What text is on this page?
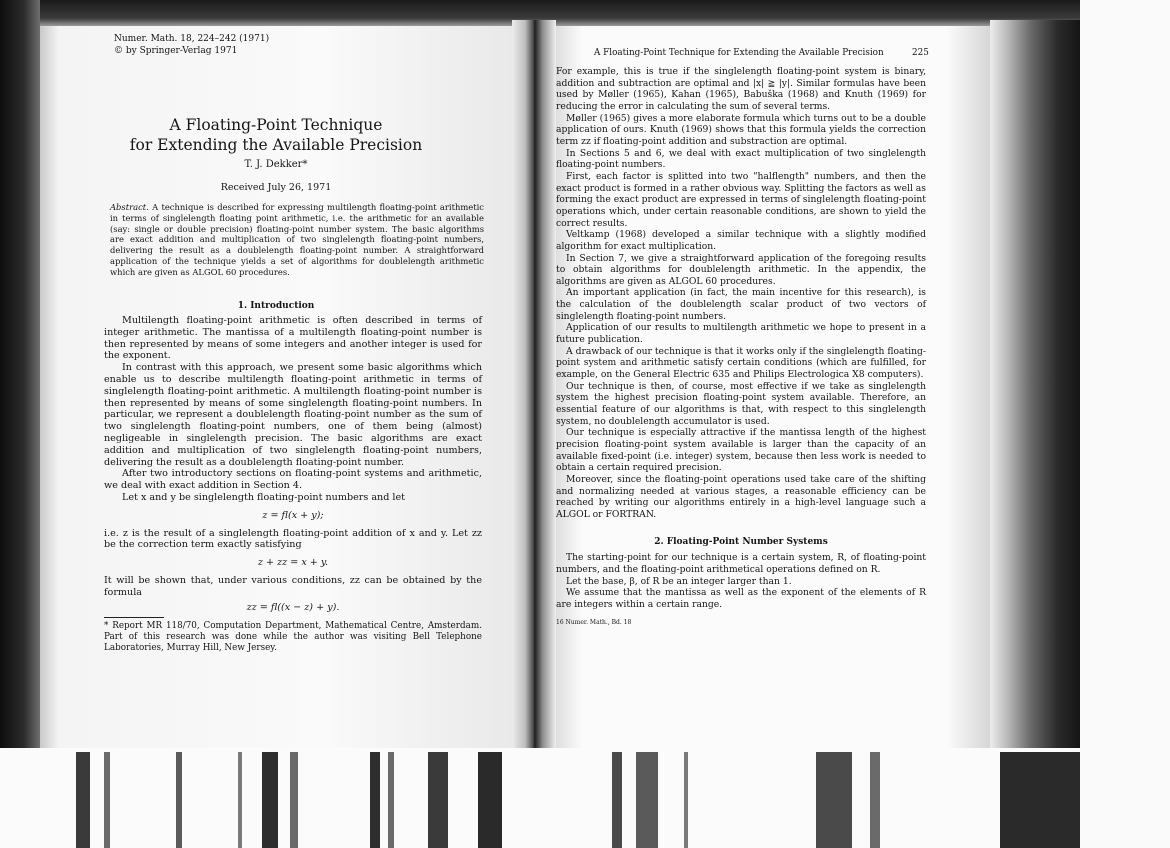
Numer. Math. 18, 224–242 (1971)
© by Springer-Verlag 1971
A Floating-Point Technique
for Extending the Available Precision
T. J. Dekker*
Received July 26, 1971
Abstract. A technique is described for expressing multilength floating-point arithmetic in terms of singlelength floating point arithmetic, i.e. the arithmetic for an available (say: single or double precision) floating-point number system. The basic algorithms are exact addition and multiplication of two singlelength floating-point numbers, delivering the result as a doublelength floating-point number. A straightforward application of the technique yields a set of algorithms for doublelength arithmetic which are given as ALGOL 60 procedures.
1. Introduction

Multilength floating-point arithmetic is often described in terms of integer arithmetic. The mantissa of a multilength floating-point number is then represented by means of some integers and another integer is used for the exponent.

In contrast with this approach, we present some basic algorithms which enable us to describe multilength floating-point arithmetic in terms of singlelength floating-point arithmetic. A multilength floating-point number is then represented by means of some singlelength floating-point numbers. In particular, we represent a doublelength floating-point number as the sum of two singlelength floating-point numbers, one of them being (almost) negligeable in singlelength precision. The basic algorithms are exact addition and multiplication of two singlelength floating-point numbers, delivering the result as a doublelength floating-point number.

After two introductory sections on floating-point systems and arithmetic, we deal with exact addition in Section 4.

Let x and y be singlelength floating-point numbers and let

z = fl(x + y);

i.e. z is the result of a singlelength floating-point addition of x and y. Let zz be the correction term exactly satisfying

z + zz = x + y.

It will be shown that, under various conditions, zz can be obtained by the formula

zz = fl((x − z) + y).

* Report MR 118/70, Computation Department, Mathematical Centre, Amsterdam. Part of this research was done while the author was visiting Bell Telephone Laboratories, Murray Hill, New Jersey.

A Floating-Point Technique for Extending the Available Precision	225

For example, this is true if the singlelength floating-point system is binary, addition and subtraction are optimal and |x| ≧ |y|. Similar formulas have been used by Møller (1965), Kahan (1965), Babuška (1968) and Knuth (1969) for reducing the error in calculating the sum of several terms.

Møller (1965) gives a more elaborate formula which turns out to be a double application of ours. Knuth (1969) shows that this formula yields the correction term zz if floating-point addition and substraction are optimal.

In Sections 5 and 6, we deal with exact multiplication of two singlelength floating-point numbers.

First, each factor is splitted into two "halflength" numbers, and then the exact product is formed in a rather obvious way. Splitting the factors as well as forming the exact product are expressed in terms of singlelength floating-point operations which, under certain reasonable conditions, are shown to yield the correct results.

Veltkamp (1968) developed a similar technique with a slightly modified algorithm for exact multiplication.

In Section 7, we give a straightforward application of the foregoing results to obtain algorithms for doublelength arithmetic. In the appendix, the algorithms are given as ALGOL 60 procedures.

An important application (in fact, the main incentive for this research), is the calculation of the doublelength scalar product of two vectors of singlelength floating-point numbers.

Application of our results to multilength arithmetic we hope to present in a future publication.

A drawback of our technique is that it works only if the singlelength floating-point system and arithmetic satisfy certain conditions (which are fulfilled, for example, on the General Electric 635 and Philips Electrologica X8 computers).

Our technique is then, of course, most effective if we take as singlelength system the highest precision floating-point system available. Therefore, an essential feature of our algorithms is that, with respect to this singlelength system, no doublelength accumulator is used.

Our technique is especially attractive if the mantissa length of the highest precision floating-point system available is larger than the capacity of an available fixed-point (i.e. integer) system, because then less work is needed to obtain a certain required precision.

Moreover, since the floating-point operations used take care of the shifting and normalizing needed at various stages, a reasonable efficiency can be reached by writing our algorithms entirely in a high-level language such a ALGOL or FORTRAN.

2. Floating-Point Number Systems

The starting-point for our technique is a certain system, R, of floating-point numbers, and the floating-point arithmetical operations defined on R.

Let the base, β, of R be an integer larger than 1.

We assume that the mantissa as well as the exponent of the elements of R are integers within a certain range.

16 Numer. Math., Bd. 18
